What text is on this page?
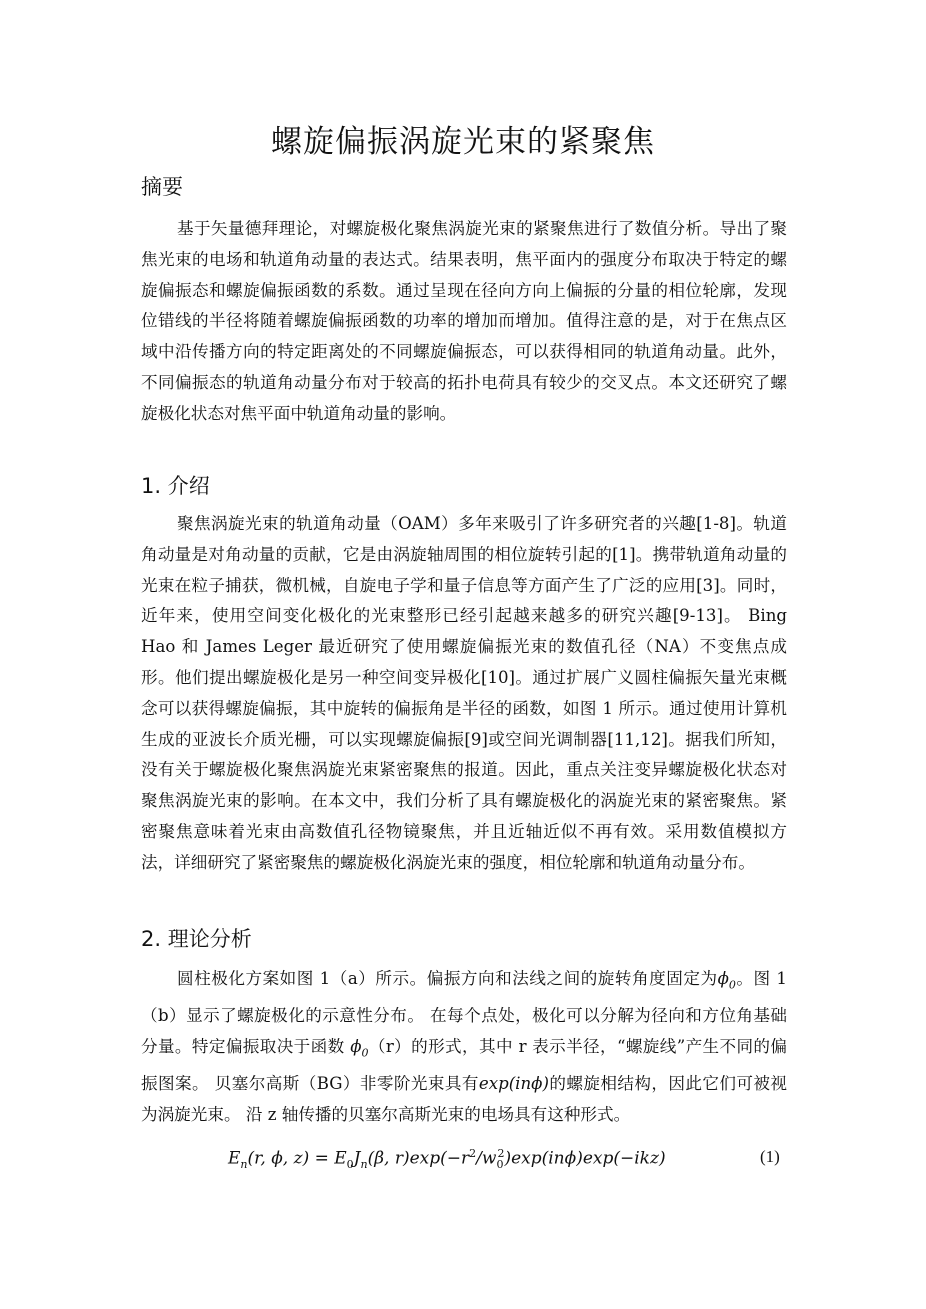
螺旋偏振涡旋光束的紧聚焦
摘要

基于矢量德拜理论，对螺旋极化聚焦涡旋光束的紧聚焦进行了数值分析。导出了聚焦光束的电场和轨道角动量的表达式。结果表明，焦平面内的强度分布取决于特定的螺旋偏振态和螺旋偏振函数的系数。通过呈现在径向方向上偏振的分量的相位轮廓，发现位错线的半径将随着螺旋偏振函数的功率的增加而增加。值得注意的是，对于在焦点区域中沿传播方向的特定距离处的不同螺旋偏振态，可以获得相同的轨道角动量。此外，不同偏振态的轨道角动量分布对于较高的拓扑电荷具有较少的交叉点。本文还研究了螺旋极化状态对焦平面中轨道角动量的影响。

1. 介绍

聚焦涡旋光束的轨道角动量（OAM）多年来吸引了许多研究者的兴趣[1-8]。轨道角动量是对角动量的贡献，它是由涡旋轴周围的相位旋转引起的[1]。携带轨道角动量的光束在粒子捕获，微机械，自旋电子学和量子信息等方面产生了广泛的应用[3]。同时，近年来，使用空间变化极化的光束整形已经引起越来越多的研究兴趣[9-13]。 Bing Hao 和 James Leger 最近研究了使用螺旋偏振光束的数值孔径（NA）不变焦点成形。他们提出螺旋极化是另一种空间变异极化[10]。通过扩展广义圆柱偏振矢量光束概念可以获得螺旋偏振，其中旋转的偏振角是半径的函数，如图 1 所示。通过使用计算机生成的亚波长介质光栅，可以实现螺旋偏振[9]或空间光调制器[11,12]。据我们所知，没有关于螺旋极化聚焦涡旋光束紧密聚焦的报道。因此，重点关注变异螺旋极化状态对聚焦涡旋光束的影响。在本文中，我们分析了具有螺旋极化的涡旋光束的紧密聚焦。紧密聚焦意味着光束由高数值孔径物镜聚焦，并且近轴近似不再有效。采用数值模拟方法，详细研究了紧密聚焦的螺旋极化涡旋光束的强度，相位轮廓和轨道角动量分布。

2. 理论分析

圆柱极化方案如图 1（a）所示。偏振方向和法线之间的旋转角度固定为$\phi_0$。图 1（b）显示了螺旋极化的示意性分布。 在每个点处，极化可以分解为径向和方位角基础分量。特定偏振取决于函数 $\phi_0(r)$的形式，其中 r 表示半径，“螺旋线”产生不同的偏振图案。 贝塞尔高斯（BG）非零阶光束具有exp(inϕ)的螺旋相结构，因此它们可被视为涡旋光束。 沿 z 轴传播的贝塞尔高斯光束的电场具有这种形式。

$E_n(r$, ϕ, $z) = E_0J_n(\beta$, $r)\exp(-r^2/w_0^2)\exp(in\phi)\exp(-ikz)$	(1)
